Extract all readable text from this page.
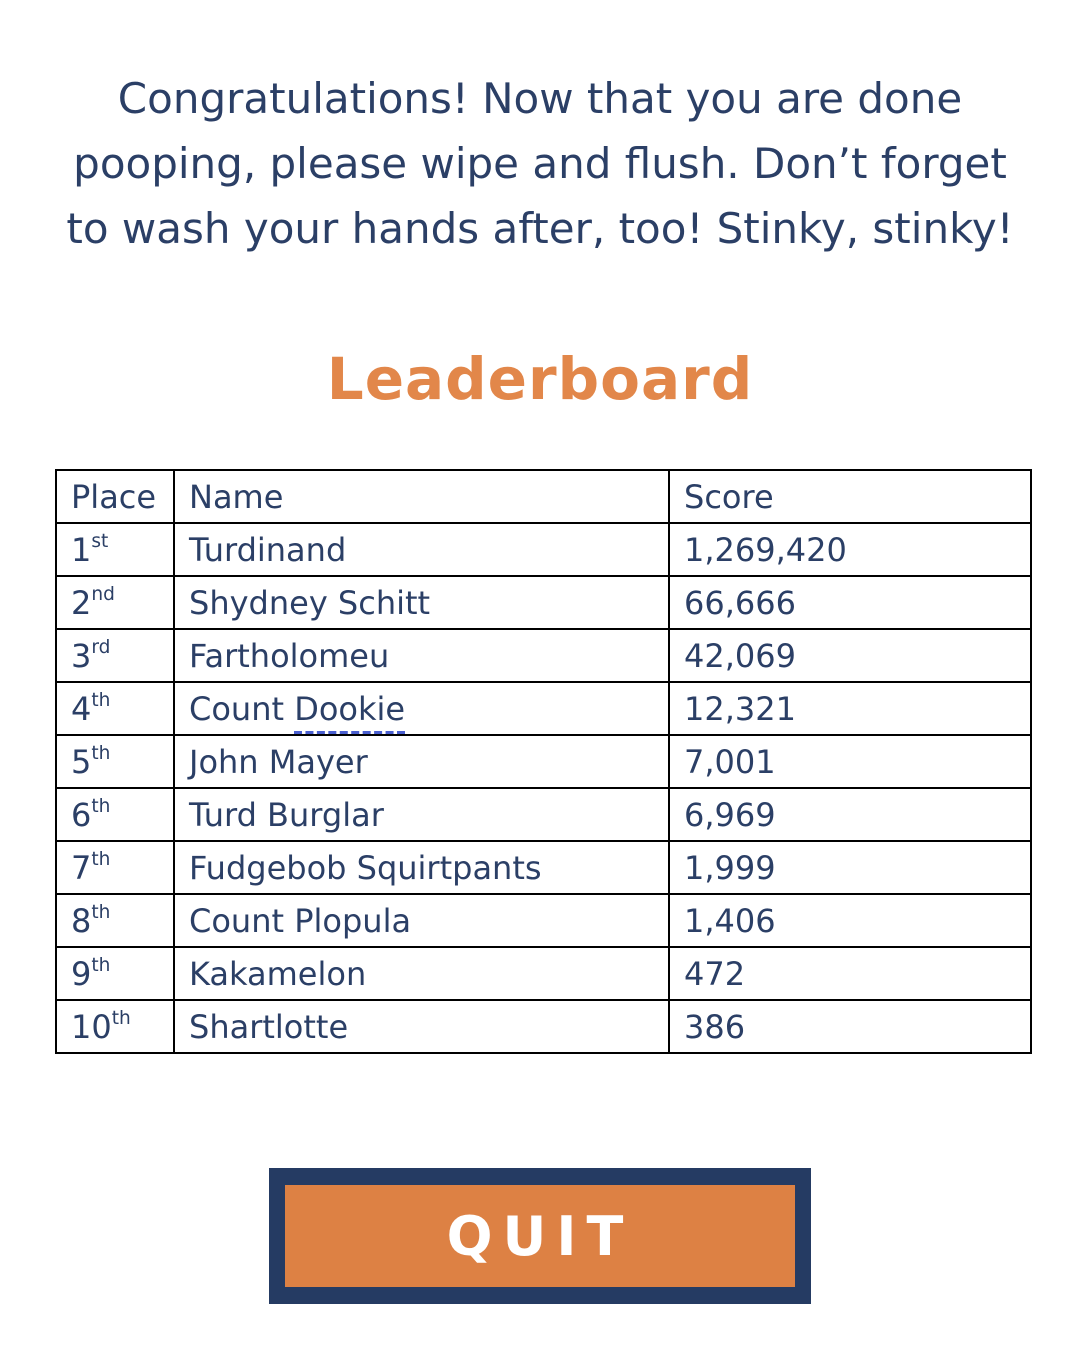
Congratulations! Now that you are done
pooping, please wipe and flush. Don’t forget
to wash your hands after, too! Stinky, stinky!
Leaderboard
Place	Name	Score
1st	Turdinand	1,269,420
2nd	Shydney Schitt	66,666
3rd	Fartholomeu	42,069
4th	Count Dookie	12,321
5th	John Mayer	7,001
6th	Turd Burglar	6,969
7th	Fudgebob Squirtpants	1,999
8th	Count Plopula	1,406
9th	Kakamelon	472
10th	Shartlotte	386
QUIT
